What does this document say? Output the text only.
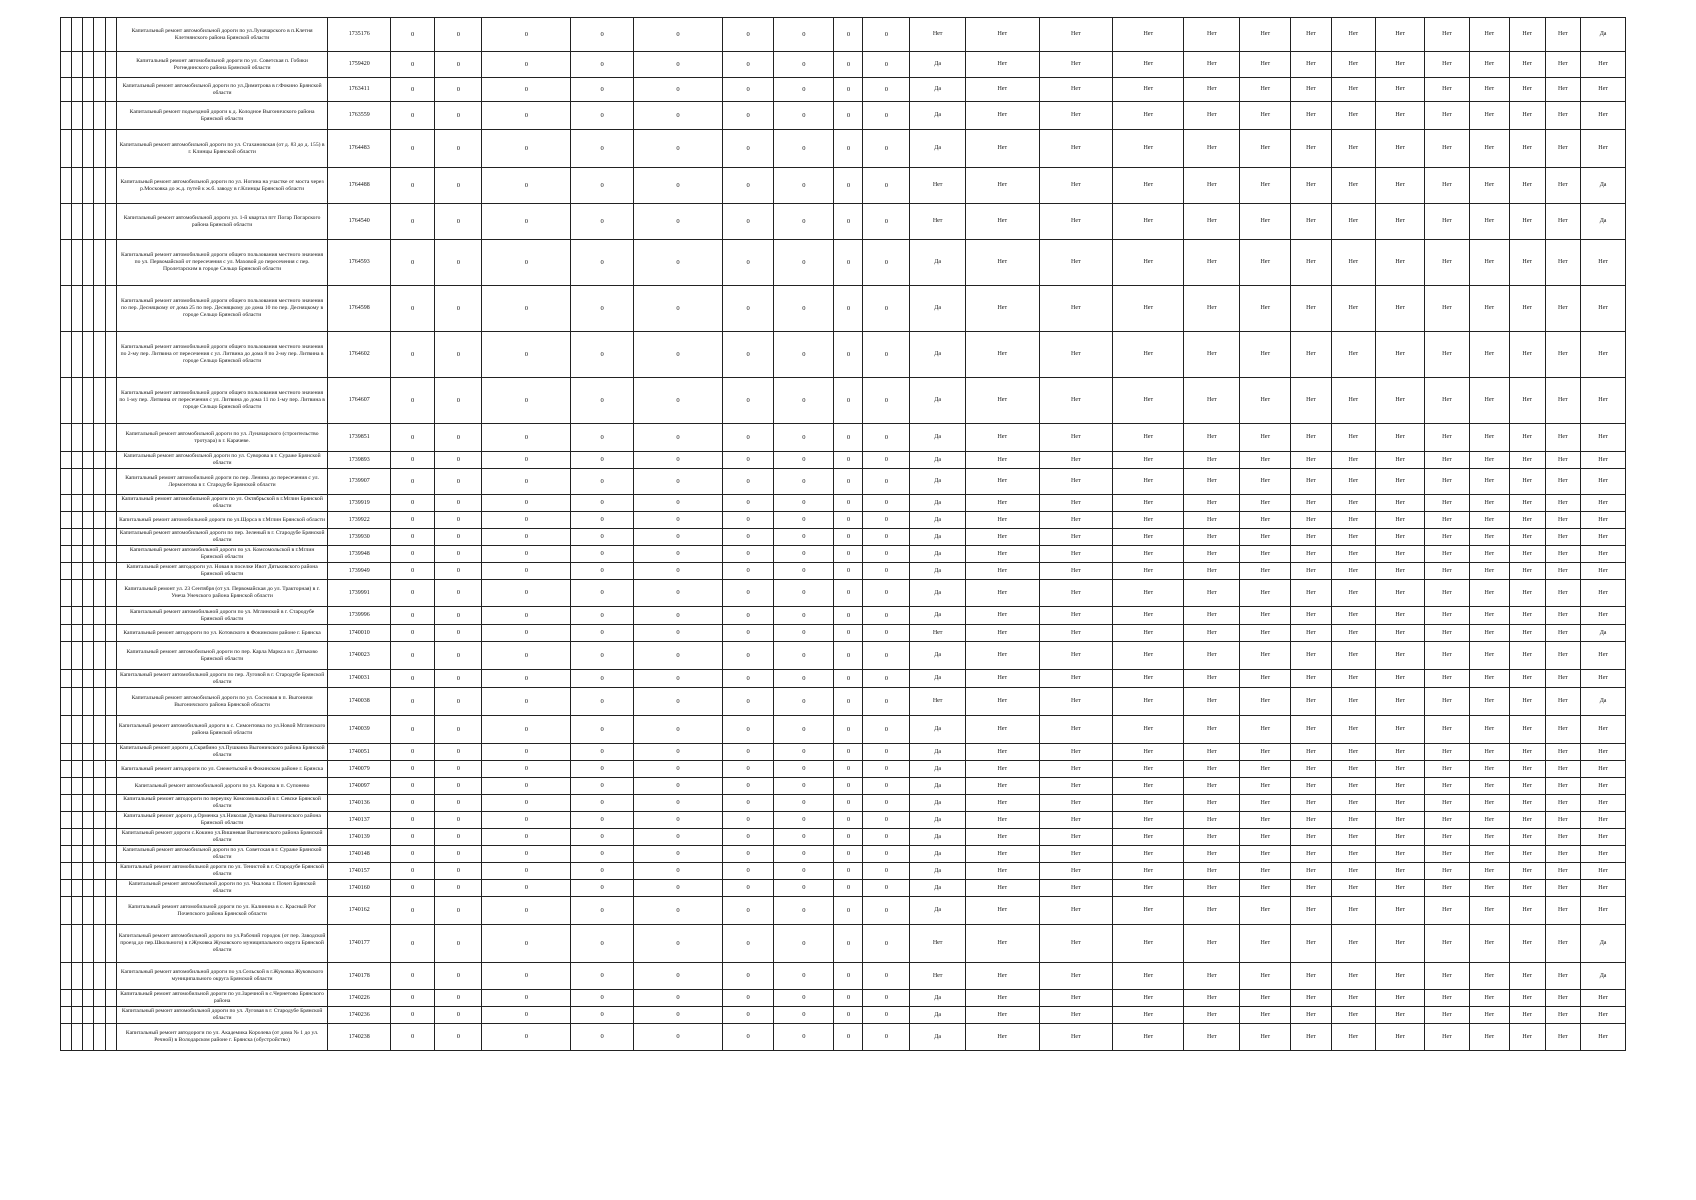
					Капитальный ремонт автомобильной дороги по ул.Луначарского в п.Клетня Клетнянского района Брянской области	1735176	0	0	0	0	0	0	0	0	0	Нет	Нет	Нет	Нет	Нет	Нет	Нет	Нет	Нет	Нет	Нет	Нет	Нет	Да
					Капитальный ремонт автомобильной дороги по ул. Советская п. Гобики Рогнединского района Брянской области	1759420	0	0	0	0	0	0	0	0	0	Да	Нет	Нет	Нет	Нет	Нет	Нет	Нет	Нет	Нет	Нет	Нет	Нет	Нет
					Капитальный ремонт автомобильной дороги по ул.Димитрова в г.Фокино Брянской области	1763411	0	0	0	0	0	0	0	0	0	Да	Нет	Нет	Нет	Нет	Нет	Нет	Нет	Нет	Нет	Нет	Нет	Нет	Нет
					Капитальный ремонт подъездной дороги к д. Колодное Выгоничского района Брянской области	1763559	0	0	0	0	0	0	0	0	0	Да	Нет	Нет	Нет	Нет	Нет	Нет	Нет	Нет	Нет	Нет	Нет	Нет	Нет
					Капитальный ремонт автомобильной дороги по ул. Стахановская (от д. 83 до д. 155) в г. Клинцы Брянской области	1764483	0	0	0	0	0	0	0	0	0	Да	Нет	Нет	Нет	Нет	Нет	Нет	Нет	Нет	Нет	Нет	Нет	Нет	Нет
					Капитальный ремонт автомобильной дороги по ул. Ногина на участке от моста через р.Московка до ж.д. путей к ж.б. заводу в г.Клинцы Брянской области	1764488	0	0	0	0	0	0	0	0	0	Нет	Нет	Нет	Нет	Нет	Нет	Нет	Нет	Нет	Нет	Нет	Нет	Нет	Да
					Капитальный ремонт автомобильной дороги ул. 1-й квартал пгт Погар Погарского района Брянской области	1764540	0	0	0	0	0	0	0	0	0	Нет	Нет	Нет	Нет	Нет	Нет	Нет	Нет	Нет	Нет	Нет	Нет	Нет	Да
					Капитальный ремонт автомобильной дороги общего пользования местного значения по ул. Первомайской от пересечения с ул. Маховой до пересечения с пер. Пролетарским в городе Сельцо Брянской области	1764593	0	0	0	0	0	0	0	0	0	Да	Нет	Нет	Нет	Нет	Нет	Нет	Нет	Нет	Нет	Нет	Нет	Нет	Нет
					Капитальный ремонт автомобильной дороги общего пользования местного значения по пер. Десняцкому от дома 25 по пер. Десняцкому до дома 10 по пер. Десняцкому в городе Сельцо Брянской области	1764598	0	0	0	0	0	0	0	0	0	Да	Нет	Нет	Нет	Нет	Нет	Нет	Нет	Нет	Нет	Нет	Нет	Нет	Нет
					Капитальный ремонт автомобильной дороги общего пользования местного значения по 2-му пер. Литвина от пересечения с ул. Литвина до дома 8 по 2-му пер. Литвина в городе Сельцо Брянской области	1764602	0	0	0	0	0	0	0	0	0	Да	Нет	Нет	Нет	Нет	Нет	Нет	Нет	Нет	Нет	Нет	Нет	Нет	Нет
					Капитальный ремонт автомобильной дороги общего пользования местного значения по 1-му пер. Литвина от пересечения с ул. Литвина до дома 11 по 1-му пер. Литвина в городе Сельцо Брянской области	1764607	0	0	0	0	0	0	0	0	0	Да	Нет	Нет	Нет	Нет	Нет	Нет	Нет	Нет	Нет	Нет	Нет	Нет	Нет
					Капитальный ремонт автомобильной дороги по ул. Луначарского (строительство тротуара) в г. Карачеве.	1739851	0	0	0	0	0	0	0	0	0	Да	Нет	Нет	Нет	Нет	Нет	Нет	Нет	Нет	Нет	Нет	Нет	Нет	Нет
					Капитальный ремонт автомобильной дороги по ул. Суворова в г. Сураже Брянской области	1739893	0	0	0	0	0	0	0	0	0	Да	Нет	Нет	Нет	Нет	Нет	Нет	Нет	Нет	Нет	Нет	Нет	Нет	Нет
					Капитальный ремонт автомобильной дороги по пер. Ленина до пересечения с ул. Лермонтова в г. Стародубе Брянской области	1739907	0	0	0	0	0	0	0	0	0	Да	Нет	Нет	Нет	Нет	Нет	Нет	Нет	Нет	Нет	Нет	Нет	Нет	Нет
					Капитальный ремонт автомобильной дороги по ул. Октябрьской в г.Мглин Брянской области	1739919	0	0	0	0	0	0	0	0	0	Да	Нет	Нет	Нет	Нет	Нет	Нет	Нет	Нет	Нет	Нет	Нет	Нет	Нет
					Капитальный ремонт автомобильной дороги по ул.Щорса в г.Мглин Брянской области	1739922	0	0	0	0	0	0	0	0	0	Да	Нет	Нет	Нет	Нет	Нет	Нет	Нет	Нет	Нет	Нет	Нет	Нет	Нет
					Капитальный ремонт автомобильной дороги по пер. Зеленый в г. Стародубе Брянской области	1739930	0	0	0	0	0	0	0	0	0	Да	Нет	Нет	Нет	Нет	Нет	Нет	Нет	Нет	Нет	Нет	Нет	Нет	Нет
					Капитальный ремонт автомобильной дороги по ул. Комсомольской в г.Мглин Брянской области	1739948	0	0	0	0	0	0	0	0	0	Да	Нет	Нет	Нет	Нет	Нет	Нет	Нет	Нет	Нет	Нет	Нет	Нет	Нет
					Капитальный ремонт автодороги ул. Новая в поселке Ивот Дятьковского района Брянской области	1739949	0	0	0	0	0	0	0	0	0	Да	Нет	Нет	Нет	Нет	Нет	Нет	Нет	Нет	Нет	Нет	Нет	Нет	Нет
					Капитальный ремонт ул. 23 Сентября (от ул. Первомайская до ул. Тракторная) в г. Унеча Унечского района Брянской области	1739991	0	0	0	0	0	0	0	0	0	Да	Нет	Нет	Нет	Нет	Нет	Нет	Нет	Нет	Нет	Нет	Нет	Нет	Нет
					Капитальный ремонт автомобильной дороги по ул. Мглинской в г. Стародубе Брянской области	1739996	0	0	0	0	0	0	0	0	0	Да	Нет	Нет	Нет	Нет	Нет	Нет	Нет	Нет	Нет	Нет	Нет	Нет	Нет
					Капитальный ремонт автодороги по ул. Котовского в Фокинском районе г. Брянска	1740010	0	0	0	0	0	0	0	0	0	Нет	Нет	Нет	Нет	Нет	Нет	Нет	Нет	Нет	Нет	Нет	Нет	Нет	Да
					Капитальный ремонт автомобильной дороги по пер. Карла Маркса в г. Дятьково Брянской области	1740023	0	0	0	0	0	0	0	0	0	Да	Нет	Нет	Нет	Нет	Нет	Нет	Нет	Нет	Нет	Нет	Нет	Нет	Нет
					Капитальный ремонт автомобильной дороги по пер. Луговой в г. Стародубе Брянской области	1740031	0	0	0	0	0	0	0	0	0	Да	Нет	Нет	Нет	Нет	Нет	Нет	Нет	Нет	Нет	Нет	Нет	Нет	Нет
					Капитальный ремонт автомобильной дороги по ул. Сосновая в п. Выгоничи Выгоничского района Брянской области	1740038	0	0	0	0	0	0	0	0	0	Нет	Нет	Нет	Нет	Нет	Нет	Нет	Нет	Нет	Нет	Нет	Нет	Нет	Да
					Капитальный ремонт автомобильной дороги в с. Симонтовка по ул.Новой Мглинского района Брянской области	1740039	0	0	0	0	0	0	0	0	0	Да	Нет	Нет	Нет	Нет	Нет	Нет	Нет	Нет	Нет	Нет	Нет	Нет	Нет
					Капитальный ремонт дороги д.Скрябино ул.Пушкина Выгоничского района Брянской области	1740051	0	0	0	0	0	0	0	0	0	Да	Нет	Нет	Нет	Нет	Нет	Нет	Нет	Нет	Нет	Нет	Нет	Нет	Нет
					Капитальный ремонт автодороги по ул. Снежетьской в Фокинском районе г. Брянска	1740079	0	0	0	0	0	0	0	0	0	Да	Нет	Нет	Нет	Нет	Нет	Нет	Нет	Нет	Нет	Нет	Нет	Нет	Нет
					Капитальный ремонт автомобильной дороги по ул. Кирова в п. Супонево	1740097	0	0	0	0	0	0	0	0	0	Да	Нет	Нет	Нет	Нет	Нет	Нет	Нет	Нет	Нет	Нет	Нет	Нет	Нет
					Капитальный ремонт автодороги по переулку Комсомольский в г. Севске Брянской области	1740136	0	0	0	0	0	0	0	0	0	Да	Нет	Нет	Нет	Нет	Нет	Нет	Нет	Нет	Нет	Нет	Нет	Нет	Нет
					Капитальный ремонт дороги д.Орменка ул.Николая Дунаева Выгоничского района Брянской области	1740137	0	0	0	0	0	0	0	0	0	Да	Нет	Нет	Нет	Нет	Нет	Нет	Нет	Нет	Нет	Нет	Нет	Нет	Нет
					Капитальный ремонт дороги с.Кокино ул.Вишневая Выгоничского района Брянской области	1740139	0	0	0	0	0	0	0	0	0	Да	Нет	Нет	Нет	Нет	Нет	Нет	Нет	Нет	Нет	Нет	Нет	Нет	Нет
					Капитальный ремонт автомобильной дороги по ул. Советская в г. Сураже Брянской области	1740148	0	0	0	0	0	0	0	0	0	Да	Нет	Нет	Нет	Нет	Нет	Нет	Нет	Нет	Нет	Нет	Нет	Нет	Нет
					Капитальный ремонт автомобильной дороги по ул. Тенистой в г. Стародубе Брянской области	1740157	0	0	0	0	0	0	0	0	0	Да	Нет	Нет	Нет	Нет	Нет	Нет	Нет	Нет	Нет	Нет	Нет	Нет	Нет
					Капитальный ремонт автомобильной дороги по ул. Чкалова г. Почеп Брянской области	1740160	0	0	0	0	0	0	0	0	0	Да	Нет	Нет	Нет	Нет	Нет	Нет	Нет	Нет	Нет	Нет	Нет	Нет	Нет
					Капитальный ремонт автомобильной дороги по ул. Калинина в с. Красный Рог Почепского района Брянской области	1740162	0	0	0	0	0	0	0	0	0	Да	Нет	Нет	Нет	Нет	Нет	Нет	Нет	Нет	Нет	Нет	Нет	Нет	Нет
					Капитальный ремонт автомобильной дороги по ул.Рабочий городок (от пер. Заводской проезд до пер.Школьного) в г.Жуковка Жуковского муниципального округа Брянской области	1740177	0	0	0	0	0	0	0	0	0	Нет	Нет	Нет	Нет	Нет	Нет	Нет	Нет	Нет	Нет	Нет	Нет	Нет	Да
					Капитальный ремонт автомобильной дороги по ул.Сельской в г.Жуковка Жуковского муниципального округа Брянской области	1740178	0	0	0	0	0	0	0	0	0	Нет	Нет	Нет	Нет	Нет	Нет	Нет	Нет	Нет	Нет	Нет	Нет	Нет	Да
					Капитальный ремонт автомобильной дороги по ул.Заречной в с.Чернетово Брянского района	1740226	0	0	0	0	0	0	0	0	0	Да	Нет	Нет	Нет	Нет	Нет	Нет	Нет	Нет	Нет	Нет	Нет	Нет	Нет
					Капитальный ремонт автомобильной дороги по ул. Луговая в г. Стародубе Брянской области	1740236	0	0	0	0	0	0	0	0	0	Да	Нет	Нет	Нет	Нет	Нет	Нет	Нет	Нет	Нет	Нет	Нет	Нет	Нет
					Капитальный ремонт автодороги по ул. Академика Королева (от дома № 1 до ул. Речной) в Володарском районе г. Брянска (обустройство)	1740238	0	0	0	0	0	0	0	0	0	Да	Нет	Нет	Нет	Нет	Нет	Нет	Нет	Нет	Нет	Нет	Нет	Нет	Нет
